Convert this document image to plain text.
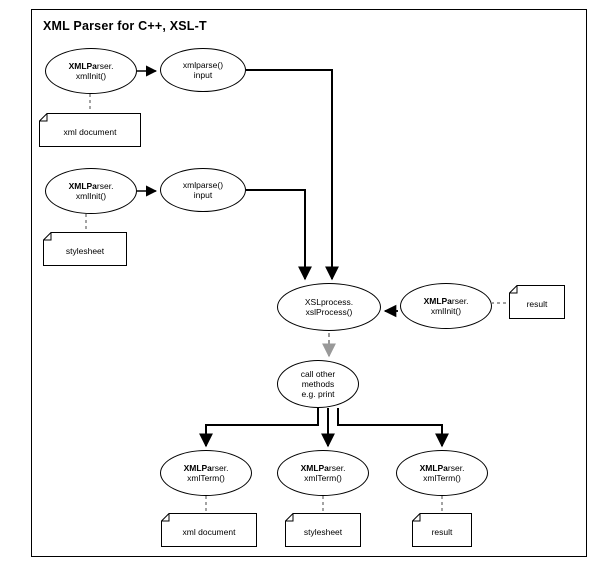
XML Parser for C++, XSL-T
XMLParser.
xmlInit()
xmlparse()
input
XMLParser.
xmlInit()
xmlparse()
input
XSLprocess.
xslProcess()
XMLParser.
xmlInit()
call other
methods
e.g. print
XMLParser.
xmlTerm()
XMLParser.
xmlTerm()
XMLParser.
xmlTerm()
xml document
stylesheet
result
xml document	stylesheet	result
